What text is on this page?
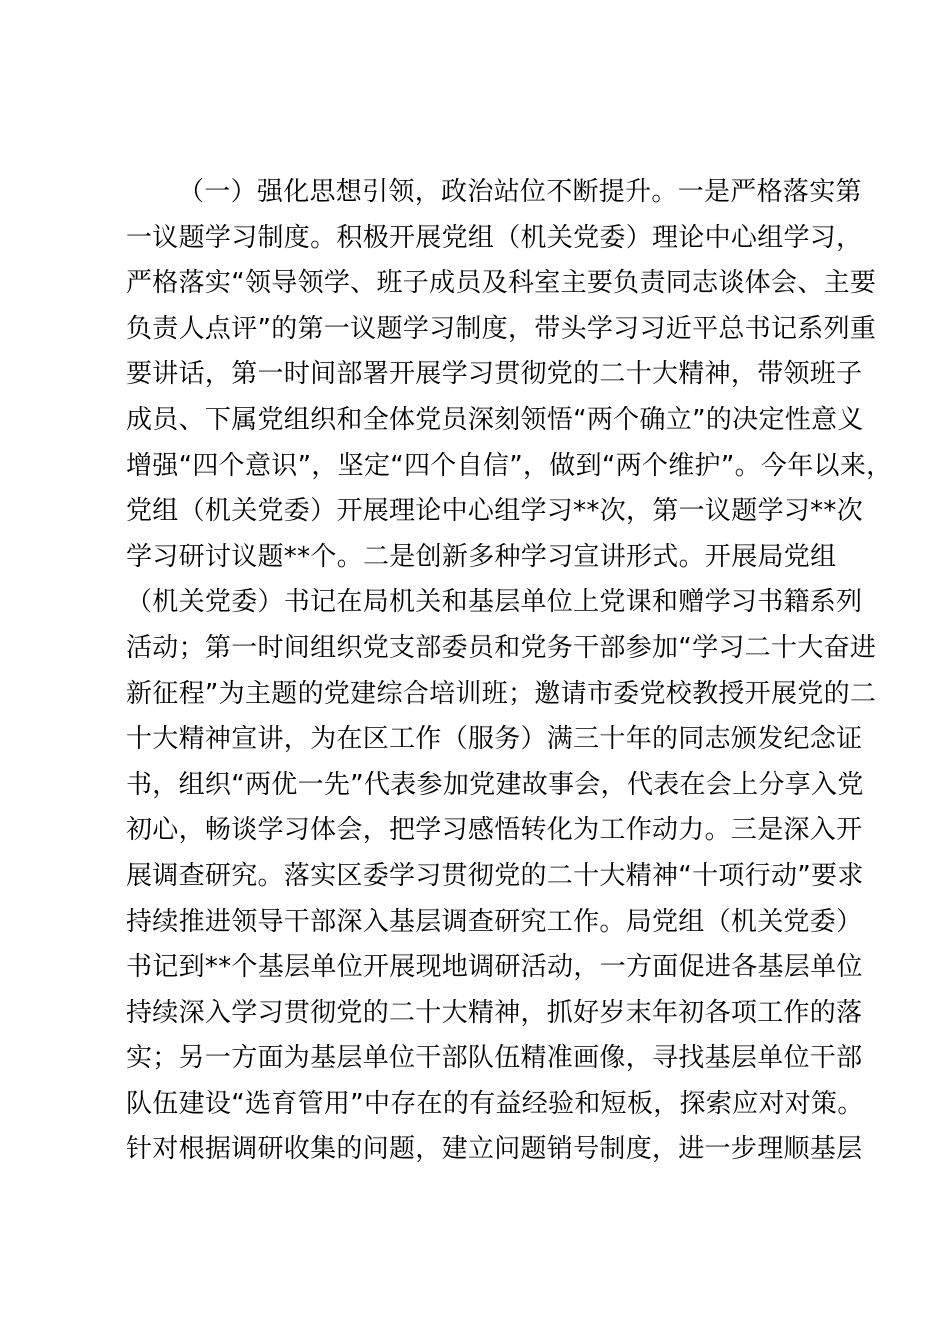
（一）强化思想引领，政治站位不断提升。一是严格落实第
一议题学习制度。积极开展党组（机关党委）理论中心组学习，
严格落实“领导领学、班子成员及科室主要负责同志谈体会、主要
负责人点评”的第一议题学习制度，带头学习习近平总书记系列重
要讲话，第一时间部署开展学习贯彻党的二十大精神，带领班子
成员、下属党组织和全体党员深刻领悟“两个确立”的决定性意义
增强“四个意识”，坚定“四个自信”，做到“两个维护”。今年以来，
党组（机关党委）开展理论中心组学习**次，第一议题学习**次
学习研讨议题**个。二是创新多种学习宣讲形式。开展局党组
（机关党委）书记在局机关和基层单位上党课和赠学习书籍系列
活动；第一时间组织党支部委员和党务干部参加“学习二十大奋进
新征程”为主题的党建综合培训班；邀请市委党校教授开展党的二
十大精神宣讲，为在区工作（服务）满三十年的同志颁发纪念证
书，组织“两优一先”代表参加党建故事会，代表在会上分享入党
初心，畅谈学习体会，把学习感悟转化为工作动力。三是深入开
展调查研究。落实区委学习贯彻党的二十大精神“十项行动”要求
持续推进领导干部深入基层调查研究工作。局党组（机关党委）
书记到**个基层单位开展现地调研活动，一方面促进各基层单位
持续深入学习贯彻党的二十大精神，抓好岁末年初各项工作的落
实；另一方面为基层单位干部队伍精准画像，寻找基层单位干部
队伍建设“选育管用”中存在的有益经验和短板，探索应对对策。
针对根据调研收集的问题，建立问题销号制度，进一步理顺基层
